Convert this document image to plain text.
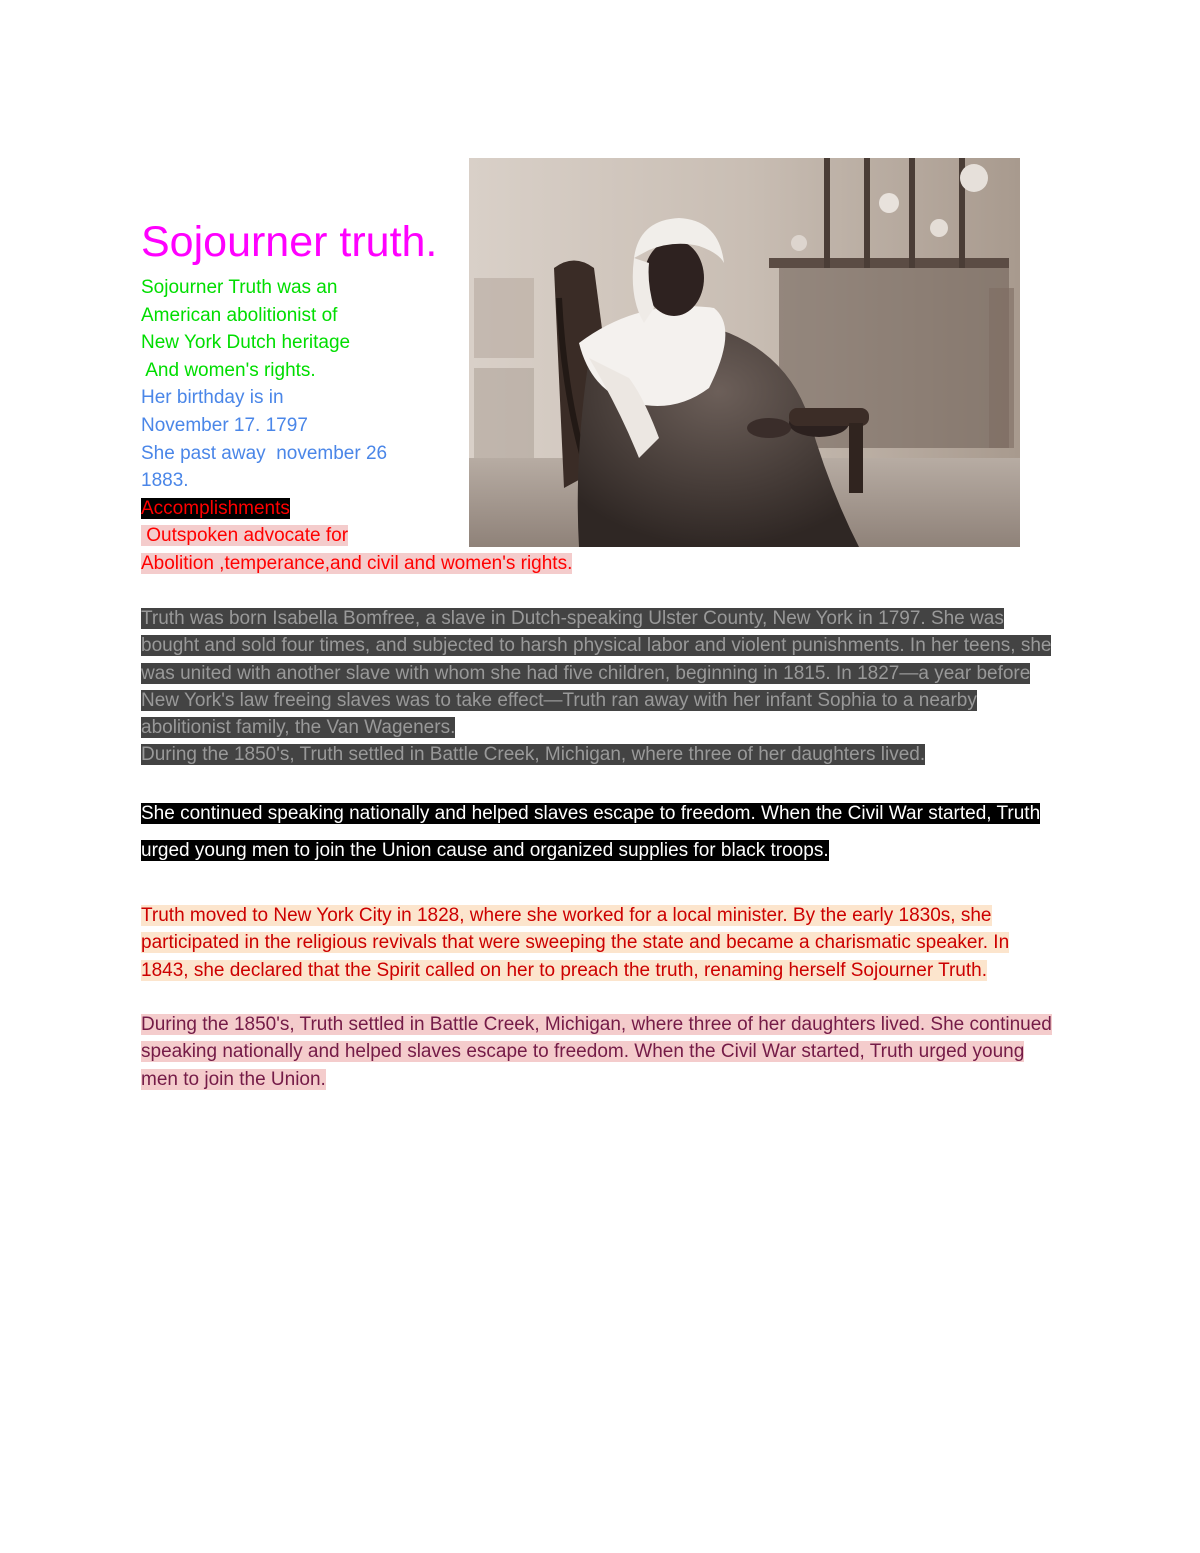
Sojourner truth.
Sojourner Truth was an
American abolitionist of
New York Dutch heritage
And women's rights.
Her birthday is in
November 17. 1797
She past away  november 26
1883.
Accomplishments
Outspoken advocate for
Abolition ,temperance,and civil and women's rights.
Truth was born Isabella Bomfree, a slave in Dutch-speaking Ulster County, New York in 1797. She was
bought and sold four times, and subjected to harsh physical labor and violent punishments. In her teens, she
was united with another slave with whom she had five children, beginning in 1815. In 1827—a year before
New York's law freeing slaves was to take effect—Truth ran away with her infant Sophia to a nearby
abolitionist family, the Van Wageners.
During the 1850's, Truth settled in Battle Creek, Michigan, where three of her daughters lived.
She continued speaking nationally and helped slaves escape to freedom. When the Civil War started, Truth
urged young men to join the Union cause and organized supplies for black troops.
Truth moved to New York City in 1828, where she worked for a local minister. By the early 1830s, she
participated in the religious revivals that were sweeping the state and became a charismatic speaker. In
1843, she declared that the Spirit called on her to preach the truth, renaming herself Sojourner Truth.
During the 1850's, Truth settled in Battle Creek, Michigan, where three of her daughters lived. She continued
speaking nationally and helped slaves escape to freedom. When the Civil War started, Truth urged young
men to join the Union.
